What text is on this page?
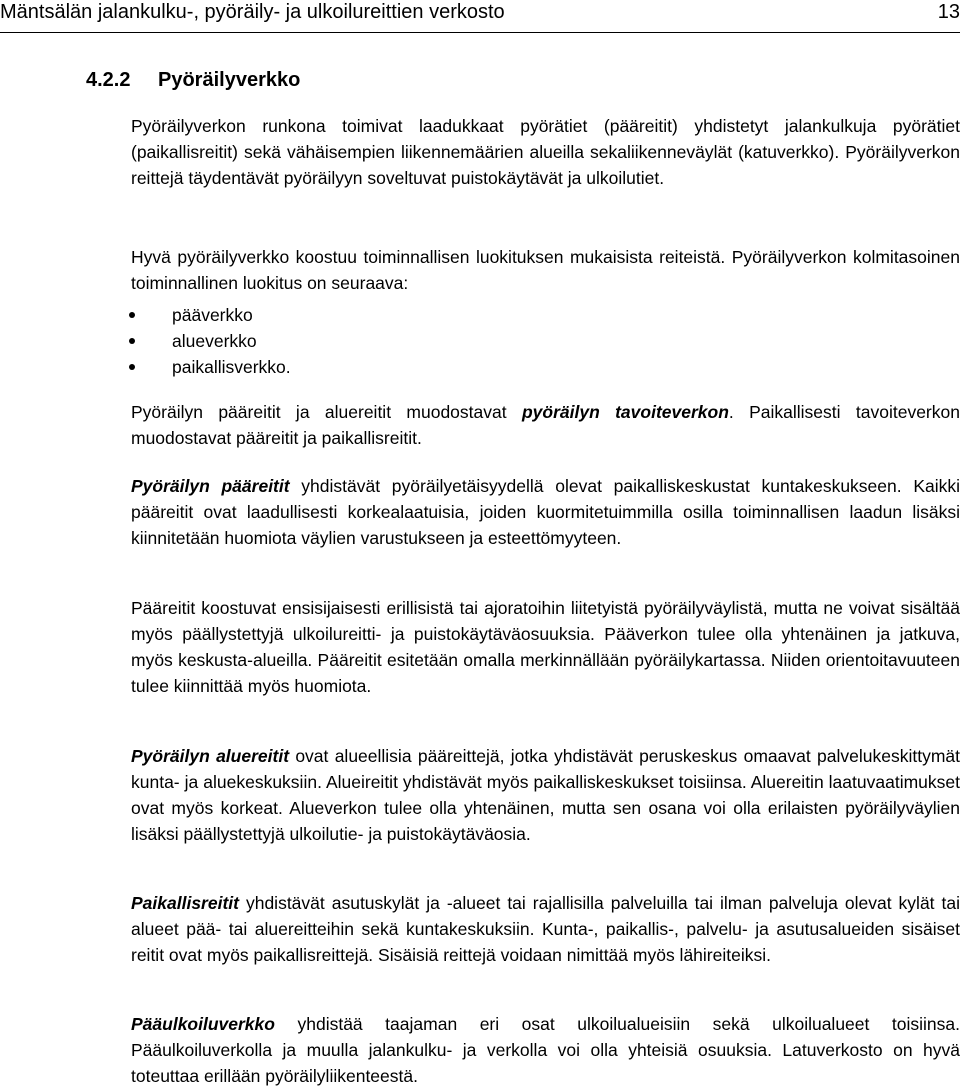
Mäntsälän jalankulku-, pyöräily- ja ulkoilureittien verkosto	13
4.2.2 Pyöräilyverkko

Pyöräilyverkon runkona toimivat laadukkaat pyörätiet (pääreitit) yhdistetyt jalankulkuja pyörätiet (paikallisreitit) sekä vähäisempien liikennemäärien alueilla sekaliikenneväylät (katuverkko). Pyöräilyverkon reittejä täydentävät pyöräilyyn soveltuvat puistokäytävät ja ulkoilutiet.

Hyvä pyöräilyverkko koostuu toiminnallisen luokituksen mukaisista reiteistä. Pyöräilyverkon kolmitasoinen toiminnallinen luokitus on seuraava:

pääverkko
alueverkko
paikallisverkko.

Pyöräilyn pääreitit ja aluereitit muodostavat pyöräilyn tavoiteverkon. Paikallisesti tavoiteverkon muodostavat pääreitit ja paikallisreitit.

Pyöräilyn pääreitit yhdistävät pyöräilyetäisyydellä olevat paikalliskeskustat kuntakeskukseen. Kaikki pääreitit ovat laadullisesti korkealaatuisia, joiden kuormitetuimmilla osilla toiminnallisen laadun lisäksi kiinnitetään huomiota väylien varustukseen ja esteettömyyteen.

Pääreitit koostuvat ensisijaisesti erillisistä tai ajoratoihin liitetyistä pyöräilyväylistä, mutta ne voivat sisältää myös päällystettyjä ulkoilureitti- ja puistokäytäväosuuksia. Pääverkon tulee olla yhtenäinen ja jatkuva, myös keskusta-alueilla. Pääreitit esitetään omalla merkinnällään pyöräilykartassa. Niiden orientoitavuuteen tulee kiinnittää myös huomiota.

Pyöräilyn aluereitit ovat alueellisia pääreittejä, jotka yhdistävät peruskeskus omaavat palvelukeskittymät kunta- ja aluekeskuksiin. Alueireitit yhdistävät myös paikalliskeskukset toisiinsa. Aluereitin laatuvaatimukset ovat myös korkeat. Alueverkon tulee olla yhtenäinen, mutta sen osana voi olla erilaisten pyöräilyväylien lisäksi päällystettyjä ulkoilutie- ja puistokäytäväosia.

Paikallisreitit yhdistävät asutuskylät ja -alueet tai rajallisilla palveluilla tai ilman palveluja olevat kylät tai alueet pää- tai aluereitteihin sekä kuntakeskuksiin. Kunta-, paikallis-, palvelu- ja asutusalueiden sisäiset reitit ovat myös paikallisreittejä. Sisäisiä reittejä voidaan nimittää myös lähireiteiksi.

Pääulkoiluverkko yhdistää taajaman eri osat ulkoilualueisiin sekä ulkoilualueet toisiinsa. Pääulkoiluverkolla ja muulla jalankulku- ja verkolla voi olla yhteisiä osuuksia. Latuverkosto on hyvä toteuttaa erillään pyöräilyliikenteestä.
